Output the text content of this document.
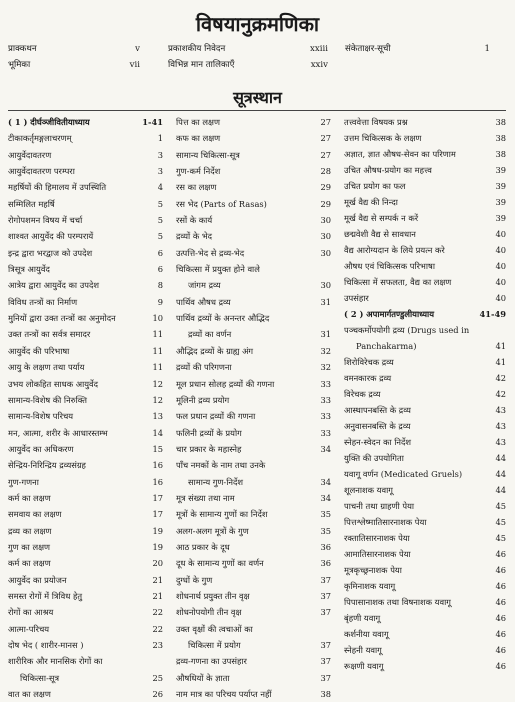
विषयानुक्रमणिका
प्राक्कथन	v
भूमिका	vii
प्रकाशकीय निवेदन	xxiii
विभिन्न मान तालिकाएँ	xxiv
संकेताक्षर-सूची	1
सूत्रस्थान
( 1 ) दीर्घञ्जीवितीयाध्याय	1-41
टीकाकर्तृमङ्गलाचरणम्	1
आयुर्वेदावतरण	3
आयुर्वेदावतरण परम्परा	3
महर्षियों की हिमालय में उपस्थिति	4
सम्मिलित महर्षि	5
रोगोपशमन विषय में चर्चा	5
शाश्वत आयुर्वेद की परम्परायें	5
इन्द्र द्वारा भरद्वाज को उपदेश	6
त्रिसूत्र आयुर्वेद	6
आत्रेय द्वारा आयुर्वेद का उपदेश	8
विविध तन्त्रों का निर्माण	9
मुनियों द्वारा उक्त तन्त्रों का अनुमोदन	10
उक्त तन्त्रों का सर्वत्र समादर	11
आयुर्वेद की परिभाषा	11
आयु के लक्षण तथा पर्याय	11
उभय लोकहित साधक आयुर्वेद	12
सामान्य-विशेष की निरुक्ति	12
सामान्य-विशेष परिचय	13
मन, आत्मा, शरीर के आधारस्तम्भ	14
आयुर्वेद का अधिकरण	15
सेन्द्रिय-निरिन्द्रिय द्रव्यसंग्रह	16
गुण-गणना	16
कर्म का लक्षण	17
समवाय का लक्षण	17
द्रव्य का लक्षण	19
गुण का लक्षण	19
कर्म का लक्षण	20
आयुर्वेद का प्रयोजन	21
समस्त रोगों में त्रिविध हेतु	21
रोगों का आश्रय	22
आत्मा-परिचय	22
दोष भेद ( शारीर-मानस )	23
शारीरिक और मानसिक रोगों का
चिकित्सा-सूत्र	25
वात का लक्षण	26
पित्त का लक्षण	27
कफ का लक्षण	27
सामान्य चिकित्सा-सूत्र	27
गुण-कर्म निर्देश	28
रस का लक्षण	29
रस भेद (Parts of Rasas)	29
रसों के कार्य	30
द्रव्यों के भेद	30
उत्पत्ति-भेद से द्रव्य-भेद	30
चिकित्सा में प्रयुक्त होने वाले
जांगम द्रव्य	30
पार्थिव औषध द्रव्य	31
पार्थिव द्रव्यों के अनन्तर औद्भिद
द्रव्यों का वर्णन	31
औद्भिद द्रव्यों के ग्राह्य अंग	32
द्रव्यों की परिगणना	32
मूल प्रधान सोलह द्रव्यों की गणना	33
मूलिनी द्रव्य प्रयोग	33
फल प्रधान द्रव्यों की गणना	33
फलिनी द्रव्यों के प्रयोग	33
चार प्रकार के महास्नेह	34
पाँच नमकों के नाम तथा उनके
सामान्य गुण-निर्देश	34
मूत्र संख्या तथा नाम	34
मूत्रों के सामान्य गुणों का निर्देश	35
अलग-अलग मूत्रों के गुण	35
आठ प्रकार के दूध	36
दूध के सामान्य गुणों का वर्णन	36
दुग्धों के गुण	37
शोधनार्थ प्रयुक्त तीन वृक्ष	37
शोधनोपयोगी तीन वृक्ष	37
उक्त वृक्षों की त्वचाओं का
चिकित्सा में प्रयोग	37
द्रव्य-गणना का उपसंहार	37
औषधियों के ज्ञाता	37
नाम मात्र का परिचय पर्याप्त नहीं	38
तत्त्ववेत्ता विषयक प्रश्न	38
उत्तम चिकित्सक के लक्षण	38
अज्ञात, ज्ञात औषध-सेवन का परिणाम	38
उचित औषध-प्रयोग का महत्त्व	39
उचित प्रयोग का फल	39
मूर्ख वैद्य की निन्दा	39
मूर्ख वैद्य से सम्पर्क न करें	39
छद्मवेशी वैद्य से सावधान	40
वैद्य आरोग्यदान के लिये प्रयत्न करे	40
औषध एवं चिकित्सक परिभाषा	40
चिकित्सा में सफलता, वैद्य का लक्षण	40
उपसंहार	40
( 2 ) अपामार्गतण्डुलीयाध्याय	41-49
पञ्चकर्मोपयोगी द्रव्य (Drugs used in
Panchakarma)	41
शिरोविरेचक द्रव्य	41
वमनकारक द्रव्य	42
विरेचक द्रव्य	42
आस्थापनबस्ति के द्रव्य	43
अनुवासनबस्ति के द्रव्य	43
स्नेहन-स्वेदन का निर्देश	43
युक्ति की उपयोगिता	44
यवागू वर्णन (Medicated Gruels)	44
शूलनाशक यवागू	44
पाचनी तथा ग्राहणी पेया	45
पित्तश्लेष्मातिसारनाशक पेया	45
रक्तातिसारनाशक पेया	45
आमातिसारनाशक पेया	46
मूत्रकृच्छ्रनाशक पेया	46
कृमिनाशक यवागू	46
पिपासानाशक तथा विषनाशक यवागू	46
बृंहणी यवागू	46
कर्शनीया यवागू	46
स्नेहनी यवागू	46
रूक्षणी यवागू	46
